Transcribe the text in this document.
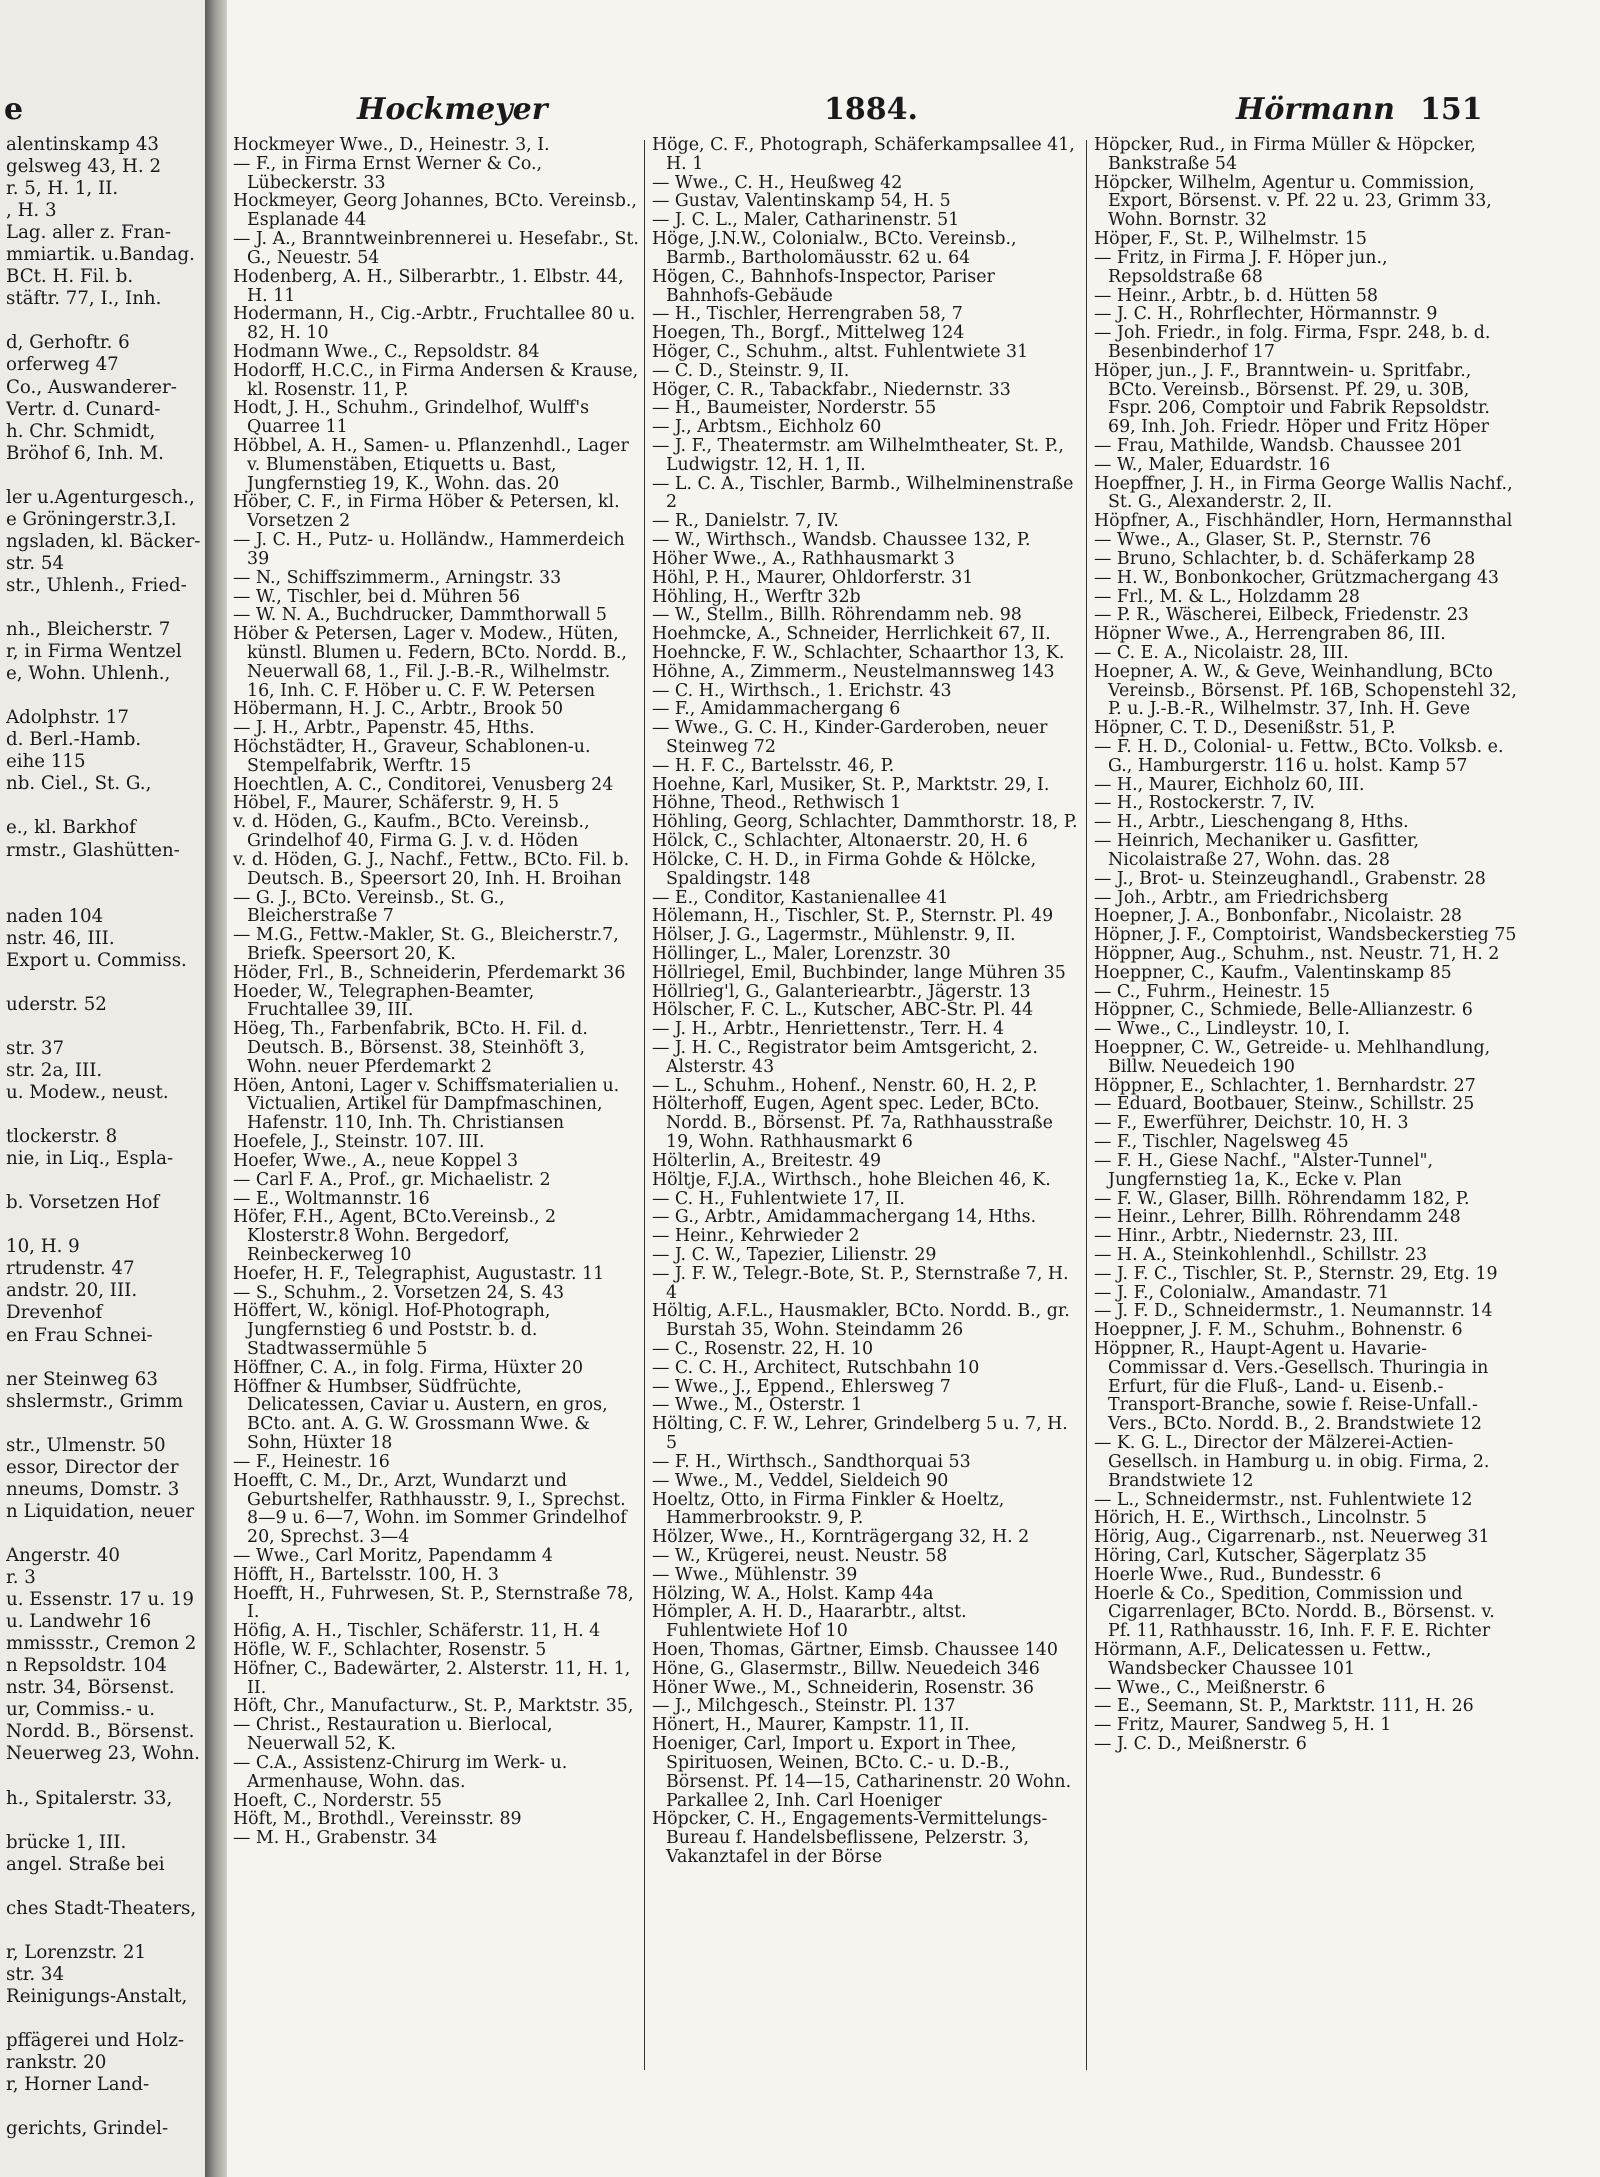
e
alentinskamp 43
gelsweg 43, H. 2
r. 5, H. 1, II.
, H. 3
Lag. aller z. Fran-
mmiartik. u.Bandag.
BCt. H. Fil. b.
stäftr. 77, I., Inh.

d, Gerhoftr. 6
orferweg 47
Co., Auswanderer-
Vertr. d. Cunard-
h. Chr. Schmidt,
Bröhof 6, Inh. M.

ler u.Agenturgesch.,
e Gröningerstr.3,I.
ngsladen, kl. Bäcker-
str. 54
str., Uhlenh., Fried-

nh., Bleicherstr. 7
r, in Firma Wentzel
e, Wohn. Uhlenh.,

Adolphstr. 17
d. Berl.-Hamb.
eihe 115
nb. Ciel., St. G.,

e., kl. Barkhof
rmstr., Glashütten-

naden 104
nstr. 46, III.
Export u. Commiss.

uderstr. 52

str. 37
str. 2a, III.
u. Modew., neust.

tlockerstr. 8
nie, in Liq., Espla-

b. Vorsetzen Hof

10, H. 9
rtrudenstr. 47
andstr. 20, III.
Drevenhof
en Frau Schnei-

ner Steinweg 63
shslermstr., Grimm

str., Ulmenstr. 50
essor, Director der
nneums, Domstr. 3
n Liquidation, neuer

Angerstr. 40
r. 3
u. Essenstr. 17 u. 19
u. Landwehr 16
mmissstr., Cremon 2
n Repsoldstr. 104
nstr. 34, Börsenst.
ur, Commiss.- u.
Nordd. B., Börsenst.
Neuerweg 23, Wohn.

h., Spitalerstr. 33,

brücke 1, III.
angel. Straße bei

ches Stadt-Theaters,

r, Lorenzstr. 21
str. 34
Reinigungs-Anstalt,

pffägerei und Holz-
rankstr. 20
r, Horner Land-

gerichts, Grindel-
Hockmeyer	1884.	Hörmann 151

Hockmeyer Wwe., D., Heinestr. 3, I.

— F., in Firma Ernst Werner & Co., Lübeckerstr. 33

Hockmeyer, Georg Johannes, BCto. Vereinsb., Esplanade 44

— J. A., Branntweinbrennerei u. Hesefabr., St. G., Neuestr. 54

Hodenberg, A. H., Silberarbtr., 1. Elbstr. 44, H. 11

Hodermann, H., Cig.-Arbtr., Fruchtallee 80 u. 82, H. 10

Hodmann Wwe., C., Repsoldstr. 84

Hodorff, H.C.C., in Firma Andersen & Krause, kl. Rosenstr. 11, P.

Hodt, J. H., Schuhm., Grindelhof, Wulff's Quarree 11

Höbbel, A. H., Samen- u. Pflanzenhdl., Lager v. Blumenstäben, Etiquetts u. Bast, Jungfernstieg 19, K., Wohn. das. 20

Höber, C. F., in Firma Höber & Petersen, kl. Vorsetzen 2

— J. C. H., Putz- u. Holländw., Hammerdeich 39

— N., Schiffszimmerm., Arningstr. 33

— W., Tischler, bei d. Mühren 56

— W. N. A., Buchdrucker, Dammthorwall 5

Höber & Petersen, Lager v. Modew., Hüten, künstl. Blumen u. Federn, BCto. Nordd. B., Neuerwall 68, 1., Fil. J.-B.-R., Wilhelmstr. 16, Inh. C. F. Höber u. C. F. W. Petersen

Höbermann, H. J. C., Arbtr., Brook 50

— J. H., Arbtr., Papenstr. 45, Hths.

Höchstädter, H., Graveur, Schablonen-u. Stempelfabrik, Werftr. 15

Hoechtlen, A. C., Conditorei, Venusberg 24

Höbel, F., Maurer, Schäferstr. 9, H. 5

v. d. Höden, G., Kaufm., BCto. Vereinsb., Grindelhof 40, Firma G. J. v. d. Höden

v. d. Höden, G. J., Nachf., Fettw., BCto. Fil. b. Deutsch. B., Speersort 20, Inh. H. Broihan

— G. J., BCto. Vereinsb., St. G., Bleicherstraße 7

— M.G., Fettw.-Makler, St. G., Bleicherstr.7, Briefk. Speersort 20, K.

Höder, Frl., B., Schneiderin, Pferdemarkt 36

Hoeder, W., Telegraphen-Beamter, Fruchtallee 39, III.

Höeg, Th., Farbenfabrik, BCto. H. Fil. d. Deutsch. B., Börsenst. 38, Steinhöft 3, Wohn. neuer Pferdemarkt 2

Höen, Antoni, Lager v. Schiffsmaterialien u. Victualien, Artikel für Dampfmaschinen, Hafenstr. 110, Inh. Th. Christiansen

Hoefele, J., Steinstr. 107. III.

Hoefer, Wwe., A., neue Koppel 3

— Carl F. A., Prof., gr. Michaelistr. 2

— E., Woltmannstr. 16

Höfer, F.H., Agent, BCto.Vereinsb., 2 Klosterstr.8 Wohn. Bergedorf, Reinbeckerweg 10

Hoefer, H. F., Telegraphist, Augustastr. 11

— S., Schuhm., 2. Vorsetzen 24, S. 43

Höffert, W., königl. Hof-Photograph, Jungfernstieg 6 und Poststr. b. d. Stadtwassermühle 5

Höffner, C. A., in folg. Firma, Hüxter 20

Höffner & Humbser, Südfrüchte, Delicatessen, Caviar u. Austern, en gros, BCto. ant. A. G. W. Grossmann Wwe. & Sohn, Hüxter 18

— F., Heinestr. 16

Hoefft, C. M., Dr., Arzt, Wundarzt und Geburtshelfer, Rathhausstr. 9, I., Sprechst. 8—9 u. 6—7, Wohn. im Sommer Grindelhof 20, Sprechst. 3—4

— Wwe., Carl Moritz, Papendamm 4

Höfft, H., Bartelsstr. 100, H. 3

Hoefft, H., Fuhrwesen, St. P., Sternstraße 78, I.

Höfig, A. H., Tischler, Schäferstr. 11, H. 4

Höfle, W. F., Schlachter, Rosenstr. 5

Höfner, C., Badewärter, 2. Alsterstr. 11, H. 1, II.

Höft, Chr., Manufacturw., St. P., Marktstr. 35,

— Christ., Restauration u. Bierlocal, Neuerwall 52, K.

— C.A., Assistenz-Chirurg im Werk- u. Armenhause, Wohn. das.

Hoeft, C., Norderstr. 55

Höft, M., Brothdl., Vereinsstr. 89

— M. H., Grabenstr. 34

Höge, C. F., Photograph, Schäferkampsallee 41, H. 1

— Wwe., C. H., Heußweg 42

— Gustav, Valentinskamp 54, H. 5

— J. C. L., Maler, Catharinenstr. 51

Höge, J.N.W., Colonialw., BCto. Vereinsb., Barmb., Bartholomäusstr. 62 u. 64

Högen, C., Bahnhofs-Inspector, Pariser Bahnhofs-Gebäude

— H., Tischler, Herrengraben 58, 7

Hoegen, Th., Borgf., Mittelweg 124

Höger, C., Schuhm., altst. Fuhlentwiete 31

— C. D., Steinstr. 9, II.

Höger, C. R., Tabackfabr., Niedernstr. 33

— H., Baumeister, Norderstr. 55

— J., Arbtsm., Eichholz 60

— J. F., Theatermstr. am Wilhelmtheater, St. P., Ludwigstr. 12, H. 1, II.

— L. C. A., Tischler, Barmb., Wilhelminenstraße 2

— R., Danielstr. 7, IV.

— W., Wirthsch., Wandsb. Chaussee 132, P.

Höher Wwe., A., Rathhausmarkt 3

Höhl, P. H., Maurer, Ohldorferstr. 31

Höhling, H., Werftr 32b

— W., Stellm., Billh. Röhrendamm neb. 98

Hoehmcke, A., Schneider, Herrlichkeit 67, II.

Hoehncke, F. W., Schlachter, Schaarthor 13, K.

Höhne, A., Zimmerm., Neustelmannsweg 143

— C. H., Wirthsch., 1. Erichstr. 43

— F., Amidammachergang 6

— Wwe., G. C. H., Kinder-Garderoben, neuer Steinweg 72

— H. F. C., Bartelsstr. 46, P.

Hoehne, Karl, Musiker, St. P., Marktstr. 29, I.

Höhne, Theod., Rethwisch 1

Höhling, Georg, Schlachter, Dammthorstr. 18, P.

Hölck, C., Schlachter, Altonaerstr. 20, H. 6

Hölcke, C. H. D., in Firma Gohde & Hölcke, Spaldingstr. 148

— E., Conditor, Kastanienallee 41

Hölemann, H., Tischler, St. P., Sternstr. Pl. 49

Hölser, J. G., Lagermstr., Mühlenstr. 9, II.

Höllinger, L., Maler, Lorenzstr. 30

Höllriegel, Emil, Buchbinder, lange Mühren 35

Höllrieg'l, G., Galanteriearbtr., Jägerstr. 13

Hölscher, F. C. L., Kutscher, ABC-Str. Pl. 44

— J. H., Arbtr., Henriettenstr., Terr. H. 4

— J. H. C., Registrator beim Amtsgericht, 2. Alsterstr. 43

— L., Schuhm., Hohenf., Nenstr. 60, H. 2, P.

Hölterhoff, Eugen, Agent spec. Leder, BCto. Nordd. B., Börsenst. Pf. 7a, Rathhausstraße 19, Wohn. Rathhausmarkt 6

Hölterlin, A., Breitestr. 49

Höltje, F.J.A., Wirthsch., hohe Bleichen 46, K.

— C. H., Fuhlentwiete 17, II.

— G., Arbtr., Amidammachergang 14, Hths.

— Heinr., Kehrwieder 2

— J. C. W., Tapezier, Lilienstr. 29

— J. F. W., Telegr.-Bote, St. P., Sternstraße 7, H. 4

Höltig, A.F.L., Hausmakler, BCto. Nordd. B., gr. Burstah 35, Wohn. Steindamm 26

— C., Rosenstr. 22, H. 10

— C. C. H., Architect, Rutschbahn 10

— Wwe., J., Eppend., Ehlersweg 7

— Wwe., M., Osterstr. 1

Hölting, C. F. W., Lehrer, Grindelberg 5 u. 7, H. 5

— F. H., Wirthsch., Sandthorquai 53

— Wwe., M., Veddel, Sieldeich 90

Hoeltz, Otto, in Firma Finkler & Hoeltz, Hammerbrookstr. 9, P.

Hölzer, Wwe., H., Kornträgergang 32, H. 2

— W., Krügerei, neust. Neustr. 58

— Wwe., Mühlenstr. 39

Hölzing, W. A., Holst. Kamp 44a

Hömpler, A. H. D., Haararbtr., altst. Fuhlentwiete Hof 10

Hoen, Thomas, Gärtner, Eimsb. Chaussee 140

Höne, G., Glasermstr., Billw. Neuedeich 346

Höner Wwe., M., Schneiderin, Rosenstr. 36

— J., Milchgesch., Steinstr. Pl. 137

Hönert, H., Maurer, Kampstr. 11, II.

Hoeniger, Carl, Import u. Export in Thee, Spirituosen, Weinen, BCto. C.- u. D.-B., Börsenst. Pf. 14—15, Catharinenstr. 20 Wohn. Parkallee 2, Inh. Carl Hoeniger

Höpcker, C. H., Engagements-Vermittelungs-Bureau f. Handelsbeflissene, Pelzerstr. 3, Vakanztafel in der Börse

Höpcker, Rud., in Firma Müller & Höpcker, Bankstraße 54

Höpcker, Wilhelm, Agentur u. Commission, Export, Börsenst. v. Pf. 22 u. 23, Grimm 33, Wohn. Bornstr. 32

Höper, F., St. P., Wilhelmstr. 15

— Fritz, in Firma J. F. Höper jun., Repsoldstraße 68

— Heinr., Arbtr., b. d. Hütten 58

— J. C. H., Rohrflechter, Hörmannstr. 9

— Joh. Friedr., in folg. Firma, Fspr. 248, b. d. Besenbinderhof 17

Höper, jun., J. F., Branntwein- u. Spritfabr., BCto. Vereinsb., Börsenst. Pf. 29, u. 30B, Fspr. 206, Comptoir und Fabrik Repsoldstr. 69, Inh. Joh. Friedr. Höper und Fritz Höper

— Frau, Mathilde, Wandsb. Chaussee 201

— W., Maler, Eduardstr. 16

Hoepffner, J. H., in Firma George Wallis Nachf., St. G., Alexanderstr. 2, II.

Höpfner, A., Fischhändler, Horn, Hermannsthal

— Wwe., A., Glaser, St. P., Sternstr. 76

— Bruno, Schlachter, b. d. Schäferkamp 28

— H. W., Bonbonkocher, Grützmachergang 43

— Frl., M. & L., Holzdamm 28

— P. R., Wäscherei, Eilbeck, Friedenstr. 23

Höpner Wwe., A., Herrengraben 86, III.

— C. E. A., Nicolaistr. 28, III.

Hoepner, A. W., & Geve, Weinhandlung, BCto Vereinsb., Börsenst. Pf. 16B, Schopenstehl 32, P. u. J.-B.-R., Wilhelmstr. 37, Inh. H. Geve

Höpner, C. T. D., Desenißstr. 51, P.

— F. H. D., Colonial- u. Fettw., BCto. Volksb. e. G., Hamburgerstr. 116 u. holst. Kamp 57

— H., Maurer, Eichholz 60, III.

— H., Rostockerstr. 7, IV.

— H., Arbtr., Lieschengang 8, Hths.

— Heinrich, Mechaniker u. Gasfitter, Nicolaistraße 27, Wohn. das. 28

— J., Brot- u. Steinzeughandl., Grabenstr. 28

— Joh., Arbtr., am Friedrichsberg

Hoepner, J. A., Bonbonfabr., Nicolaistr. 28

Höpner, J. F., Comptoirist, Wandsbeckerstieg 75

Höppner, Aug., Schuhm., nst. Neustr. 71, H. 2

Hoeppner, C., Kaufm., Valentinskamp 85

— C., Fuhrm., Heinestr. 15

Höppner, C., Schmiede, Belle-Allianzestr. 6

— Wwe., C., Lindleystr. 10, I.

Hoeppner, C. W., Getreide- u. Mehlhandlung, Billw. Neuedeich 190

Höppner, E., Schlachter, 1. Bernhardstr. 27

— Eduard, Bootbauer, Steinw., Schillstr. 25

— F., Ewerführer, Deichstr. 10, H. 3

— F., Tischler, Nagelsweg 45

— F. H., Giese Nachf., "Alster-Tunnel", Jungfernstieg 1a, K., Ecke v. Plan

— F. W., Glaser, Billh. Röhrendamm 182, P.

— Heinr., Lehrer, Billh. Röhrendamm 248

— Hinr., Arbtr., Niedernstr. 23, III.

— H. A., Steinkohlenhdl., Schillstr. 23

— J. F. C., Tischler, St. P., Sternstr. 29, Etg. 19

— J. F., Colonialw., Amandastr. 71

— J. F. D., Schneidermstr., 1. Neumannstr. 14

Hoeppner, J. F. M., Schuhm., Bohnenstr. 6

Höppner, R., Haupt-Agent u. Havarie-Commissar d. Vers.-Gesellsch. Thuringia in Erfurt, für die Fluß-, Land- u. Eisenb.-Transport-Branche, sowie f. Reise-Unfall.-Vers., BCto. Nordd. B., 2. Brandstwiete 12

— K. G. L., Director der Mälzerei-Actien-Gesellsch. in Hamburg u. in obig. Firma, 2. Brandstwiete 12

— L., Schneidermstr., nst. Fuhlentwiete 12

Hörich, H. E., Wirthsch., Lincolnstr. 5

Hörig, Aug., Cigarrenarb., nst. Neuerweg 31

Höring, Carl, Kutscher, Sägerplatz 35

Hoerle Wwe., Rud., Bundesstr. 6

Hoerle & Co., Spedition, Commission und Cigarrenlager, BCto. Nordd. B., Börsenst. v. Pf. 11, Rathhausstr. 16, Inh. F. F. E. Richter

Hörmann, A.F., Delicatessen u. Fettw., Wandsbecker Chaussee 101

— Wwe., C., Meißnerstr. 6

— E., Seemann, St. P., Marktstr. 111, H. 26

— Fritz, Maurer, Sandweg 5, H. 1

— J. C. D., Meißnerstr. 6
